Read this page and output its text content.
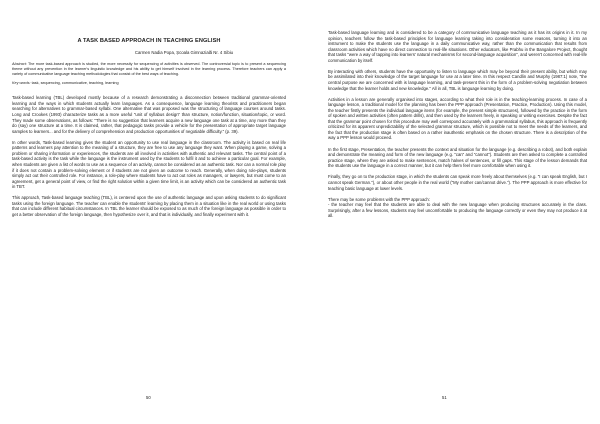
A TASK BASED APPROACH IN TEACHING ENGLISH
Carmen Nadia Popa, Școala Gimnazială Nr. 4 Sibiu
Abstract: The more task-based approach is studied, the more necessity for sequencing of activities is observed. The controversial topic is to present a sequencing theme without any prevention in the learner's linguistic knowledge and his ability to get himself involved in the learning process. Therefore teachers can apply a variety of communicative language teaching methodologies that consist of the best ways of teaching.
Key words: task, sequencing, communicative, teaching, learning

Task-based learning (TBL) developed mostly because of a research demonstrating a disconnection between traditional grammar-oriented learning and the ways in which students actually learn languages. As a consequence, language learning theorists and practitioners began searching for alternatives to grammar-based syllabi. One alternative that was proposed was the structuring of language courses around tasks. Long and Crookes (1993) characterize tasks as a more useful "unit of syllabus design" than structure, notion/function, situation/topic, or word. They made some observations, as follows: "There is no suggestion that learners acquire a new language one task at a time, any more than they do (say) one structure at a time. It is claimed, rather, that pedagogic tasks provide a vehicle for the presentation of appropriate target language samples to learners... and for the delivery of comprehension and production opportunities of negotiable difficulty." (p. 39).

In other words, Task-based learning gives the student an opportunity to use real language in the classroom. The activity is based on real life patterns and learners pay attention to the meaning of a structure, they are free to use any language they want. When playing a game, solving a problem or sharing information or experiences, the students are all involved in activities with authentic and relevant tasks. The central point of a task-based activity is the task while the language is the instrument used by the students to fulfil it and to achieve a particular goal. For example, when students are given a list of words to use as a sequence of an activity, cannot be considered as an authentic task. Nor can a normal role play if it does not contain a problem-solving element or if students are not given an outcome to reach. Generally, when doing role-plays, students simply act out their controlled role. For instance, a role-play where students have to act out roles as managers, or lawyers, but must come to an agreement, get a general point of view, or find the right solution within a given time limit, is an activity which can be considered an authentic task in TBT.

This approach, Task-based language teaching (TBL), is centered upon the use of authentic language and upon asking students to do significant tasks using the foreign language. The teacher can enable the students' learning by placing them in a situation like in the real world or using tasks that can include different habitual circumstances. In TBL the learner should be exposed to as much of the foreign language as possible in order to get a better observation of the foreign language, then hypothesize over it, and that is individually, and finally experiment with it.

50

Task-based language learning and is considered to be a category of communicative language teaching as it has its origins in it. In my opinion, teachers follow the task-based principles for language learning taking into consideration some reasons, turning it into an instrument to make the students use the language in a daily communicative way, rather than the communication that results from classroom activities which have no direct connection to real-life situations. Other educators, like Prabhu in the Bangalore Project, thought that tasks "were a way of tapping into learners' natural mechanisms for second-language acquisition", and weren't concerned with real-life communication by itself.

By interacting with others, students have the opportunity to listen to language which may be beyond their present ability, but which may be assimilated into their knowledge of the target language for use at a later time. In this respect Candlin and Murphy (1987:1) note, "the central purpose we are concerned with is language learning, and task-present this in the form of a problem-solving negotiation between knowledge that the learner holds and new knowledge." All in all, TBL is language learning by doing.

Activities in a lesson are generally organised into stages, according to what their role is in the teaching-learning process. In case of a language lesson, a traditional model for the planning has been the PPP approach (Presentation, Practice, Production). Using this model, the teacher firstly presents the individual language items (for example, the present simple structures), followed by the practice in the form of spoken and written activities (often pattern drills), and then used by the learners freely, in speaking or writing exercises. Despite the fact that the grammar point chosen for this procedure may well correspond accurately with a grammatical syllabus, this approach is frequently criticized for its apparent unpredictability of the selected grammar structure, which is possible not to meet the needs of the learners, and the fact that the production stage is often based on a rather inauthentic emphasis on the chosen structure. There is a description of the way a PPP lesson would proceed.

In the first stage, Presentation, the teacher presents the context and situation for the language (e.g. describing a robot), and both explain and demonstrate the meaning and form of the new language (e.g. "can" and "cannot"). Students are then asked to complete a controlled practice stage, where they are asked to make sentences, match halves of sentences, or fill gaps. This stage of the lesson demands that the students use the language in a correct manner, but it can help them feel more comfortable when using it.

Finally, they go on to the production stage, in which the students can speak more freely about themselves (e.g. "I can speak English, but I cannot speak German."), or about other people in the real world ("My mother can/cannot drive."). The PPP approach is more effective for teaching basic language at lower levels.

There may be some problems with the PPP approach:
- the teacher may feel that the students are able to deal with the new language when producing structures accurately in the class. Surprisingly, after a few lessons, students may feel uncomfortable to producing the language correctly or even they may not produce it at all.

51
